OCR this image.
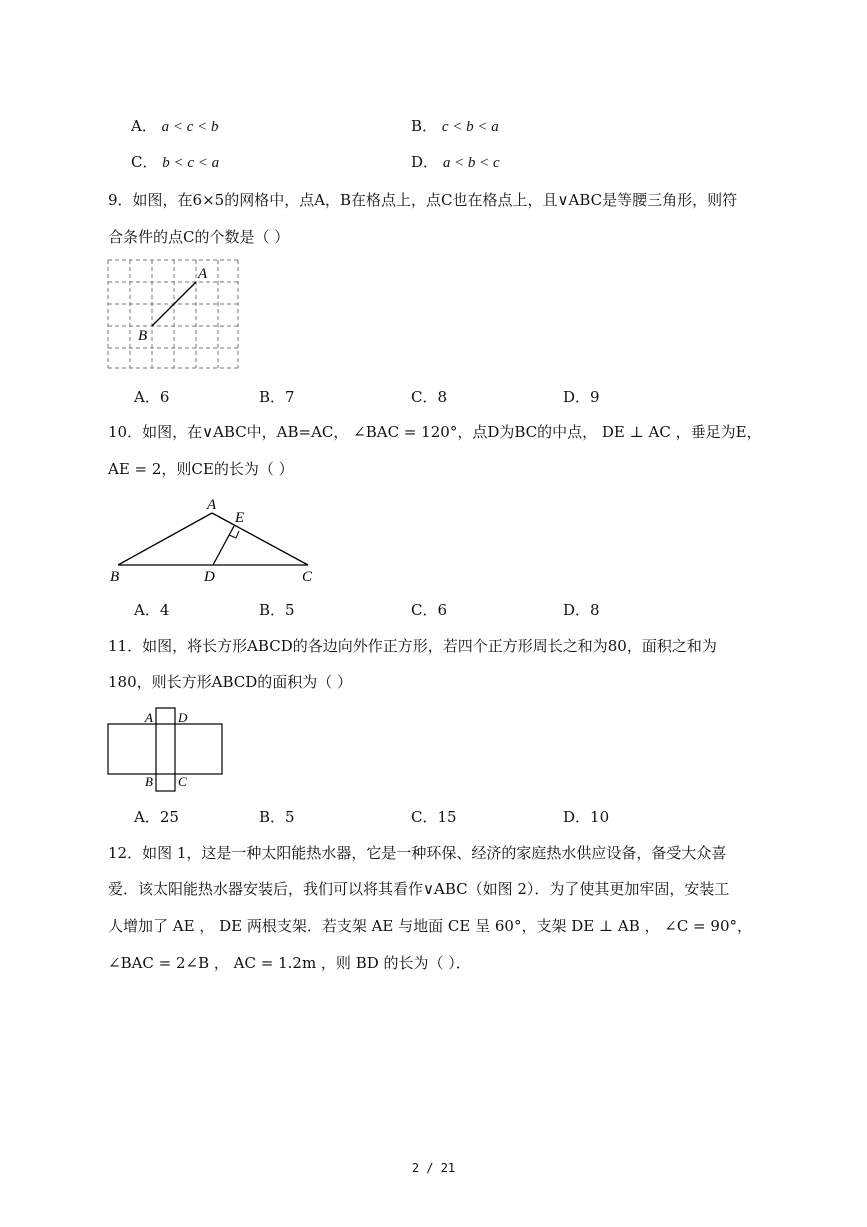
A． a < c < b	B． c < b < a
C． b < c < a	D． a < b < c
9．如图，在6×5的网格中，点A，B在格点上，点C也在格点上，且∨ABC是等腰三角形，则符
合条件的点C的个数是（ ）
A
B
A．6	B．7	C．8	D．9
10．如图，在∨ABC中，AB=AC， ∠BAC = 120°，点D为BC的中点， DE ⊥ AC ，垂足为E，
AE = 2，则CE的长为（ ）
A
E
B	D	C
A．4	B．5	C．6	D．8
11．如图，将长方形ABCD的各边向外作正方形，若四个正方形周长之和为80，面积之和为
180，则长方形ABCD的面积为（ ）
A D
B C
A．25	B．5	C．15	D．10
12．如图 1，这是一种太阳能热水器，它是一种环保、经济的家庭热水供应设备，备受大众喜
爱．该太阳能热水器安装后，我们可以将其看作∨ABC（如图 2）．为了使其更加牢固，安装工
人增加了 AE ， DE 两根支架．若支架 AE 与地面 CE 呈 60°，支架 DE ⊥ AB ， ∠C = 90°，
∠BAC = 2∠B ， AC = 1.2m ，则 BD 的长为（ ）．
2 / 21
